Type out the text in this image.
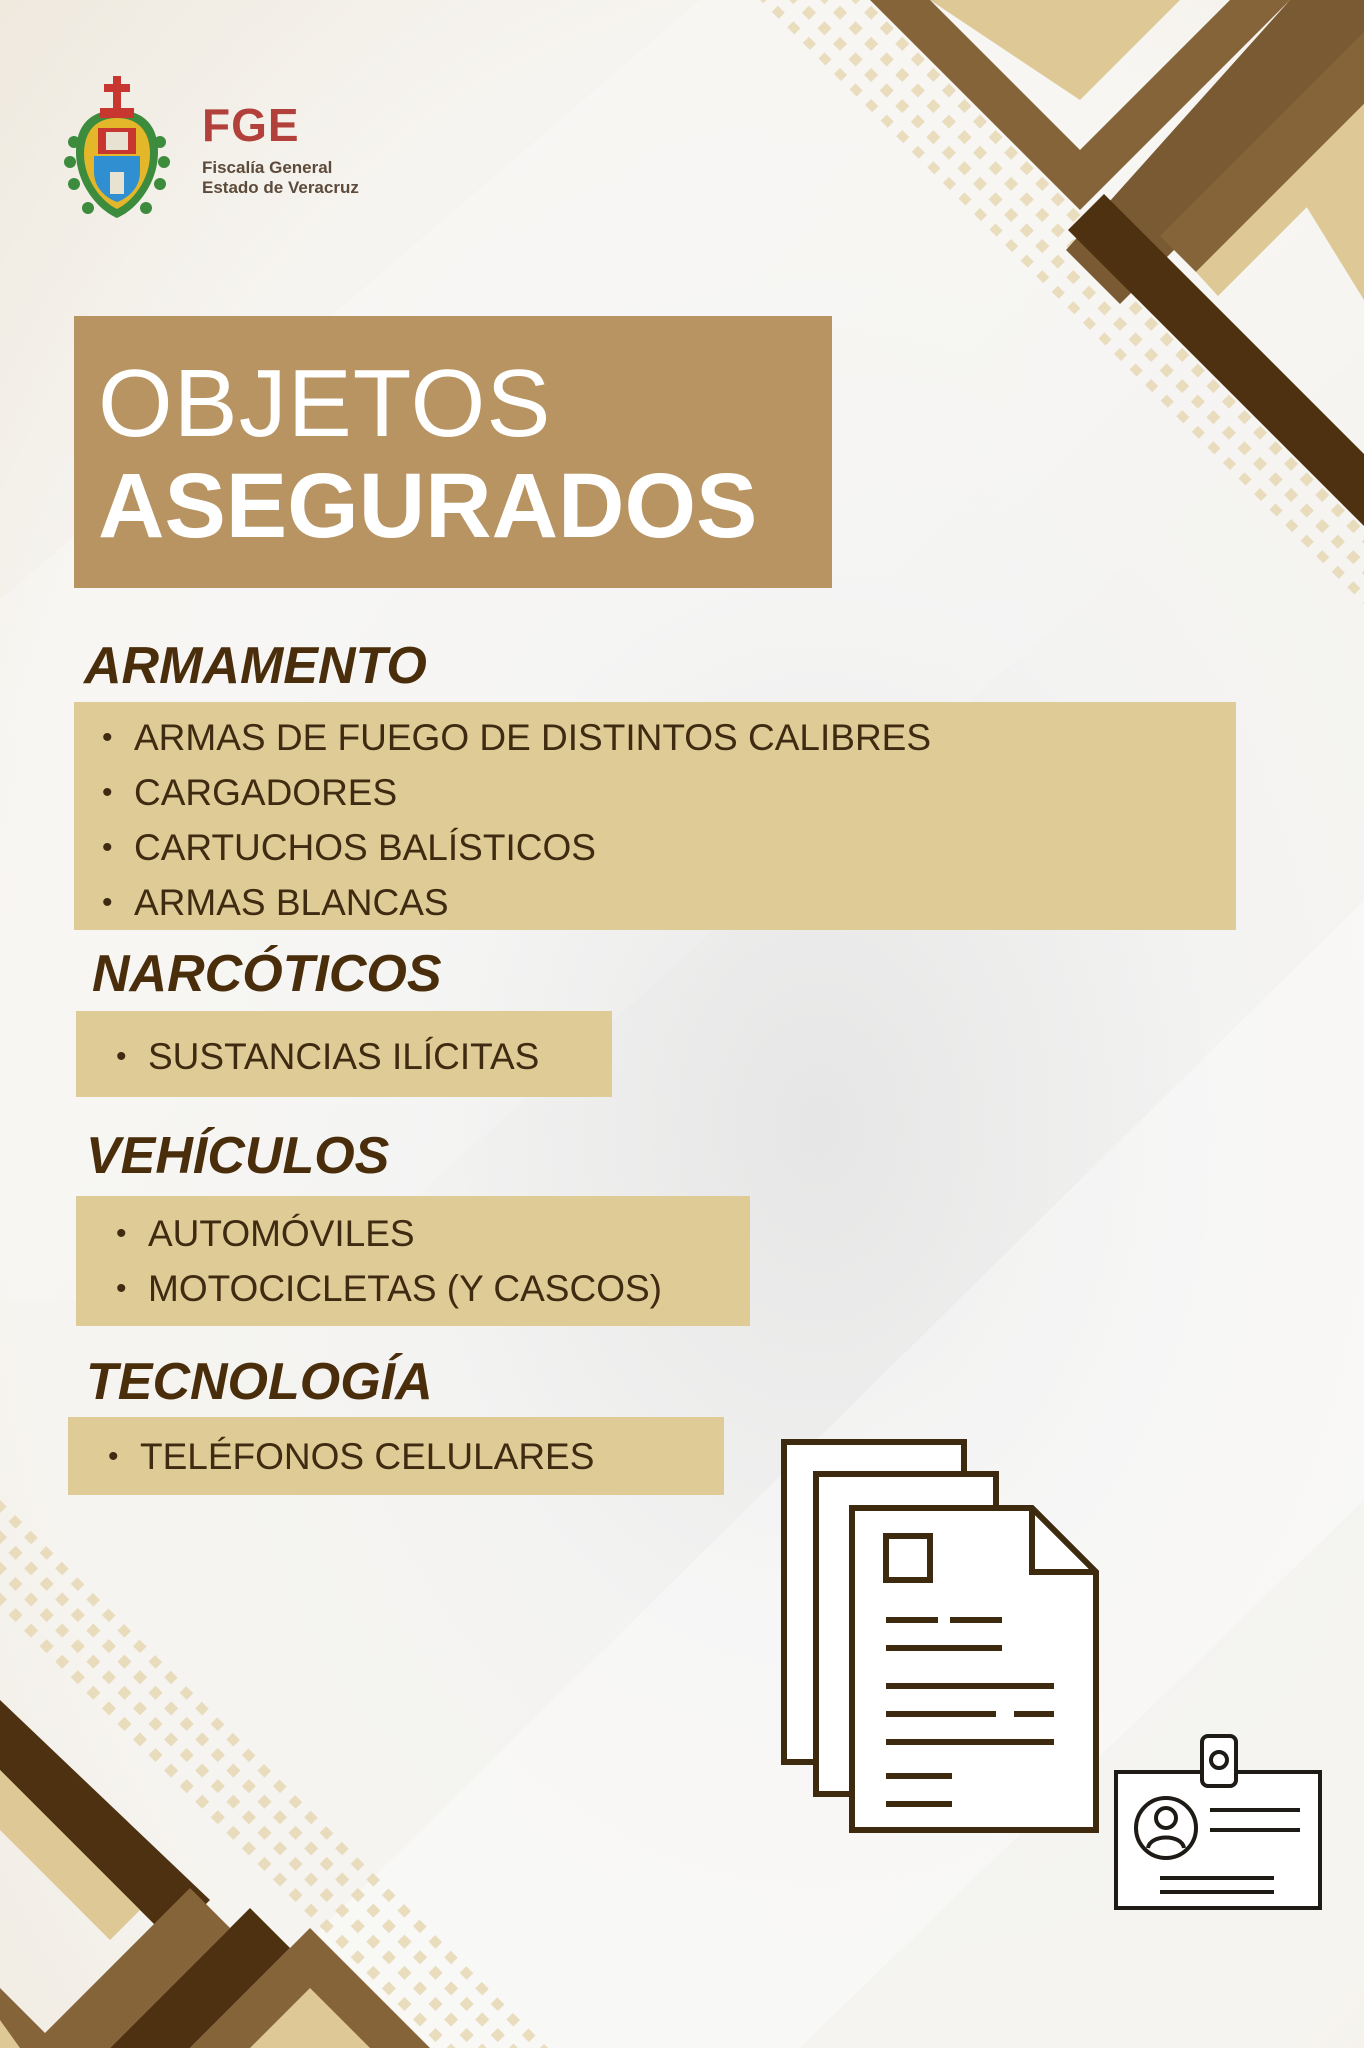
FGE
Fiscalía General
Estado de Veracruz
OBJETOS
ASEGURADOS
ARMAMENTO
• ARMAS DE FUEGO DE DISTINTOS CALIBRES
• CARGADORES
• CARTUCHOS BALÍSTICOS
• ARMAS BLANCAS
NARCÓTICOS
• SUSTANCIAS ILÍCITAS
VEHÍCULOS
• AUTOMÓVILES
• MOTOCICLETAS (Y CASCOS)
TECNOLOGÍA
• TELÉFONOS CELULARES
